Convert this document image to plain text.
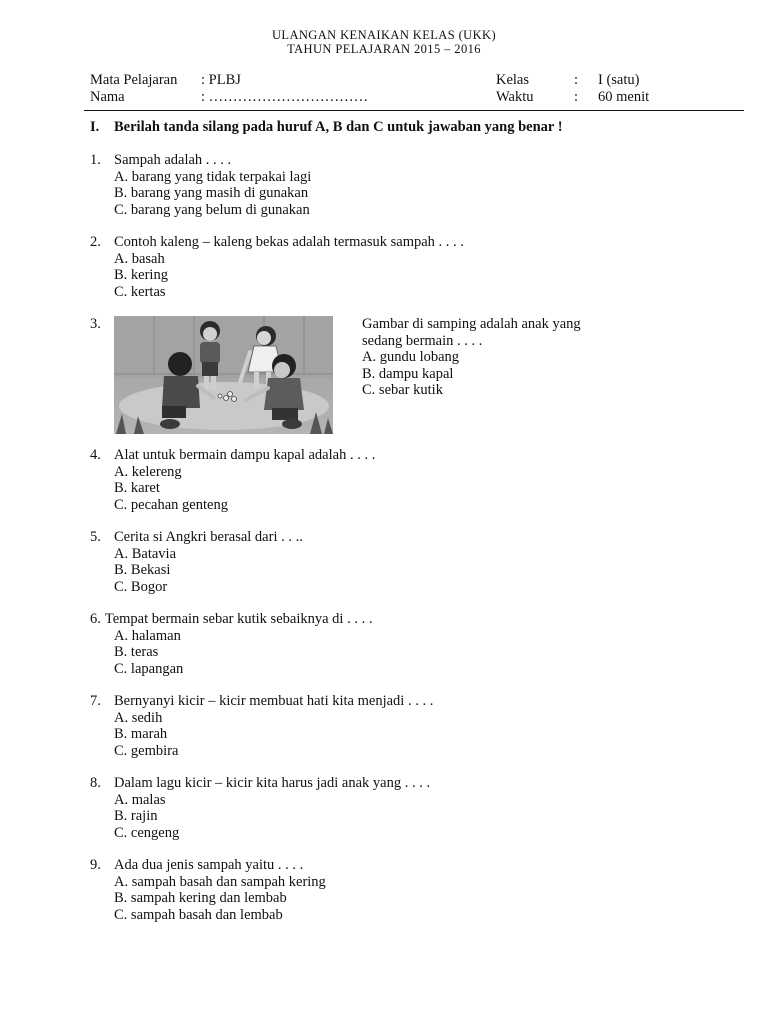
ULANGAN KENAIKAN KELAS (UKK)
TAHUN PELAJARAN 2015 – 2016
Mata Pelajaran : PLBJ
Nama	: ……………………………
Kelas	: I (satu)
Waktu	: 60 menit
I. Berilah tanda silang pada huruf A, B dan C untuk jawaban yang benar !
1. Sampah adalah . . . .
A. barang yang tidak terpakai lagi
B. barang yang masih di gunakan
C. barang yang belum di gunakan
2. Contoh kaleng – kaleng bekas adalah termasuk sampah . . . .
A. basah
B. kering
C. kertas
3.	Gambar di samping adalah anak yang
sedang bermain . . . .
A. gundu lobang
B. dampu kapal
C. sebar kutik
4. Alat untuk bermain dampu kapal adalah . . . .
A. kelereng
B. karet
C. pecahan genteng
5. Cerita si Angkri berasal dari . . ..
A. Batavia
B. Bekasi
C. Bogor
6. Tempat bermain sebar kutik sebaiknya di . . . .
A. halaman
B. teras
C. lapangan
7. Bernyanyi kicir – kicir membuat hati kita menjadi . . . .
A. sedih
B. marah
C. gembira
8. Dalam lagu kicir – kicir kita harus jadi anak yang . . . .
A. malas
B. rajin
C. cengeng
9. Ada dua jenis sampah yaitu . . . .
A. sampah basah dan sampah kering
B. sampah kering dan lembab
C. sampah basah dan lembab
